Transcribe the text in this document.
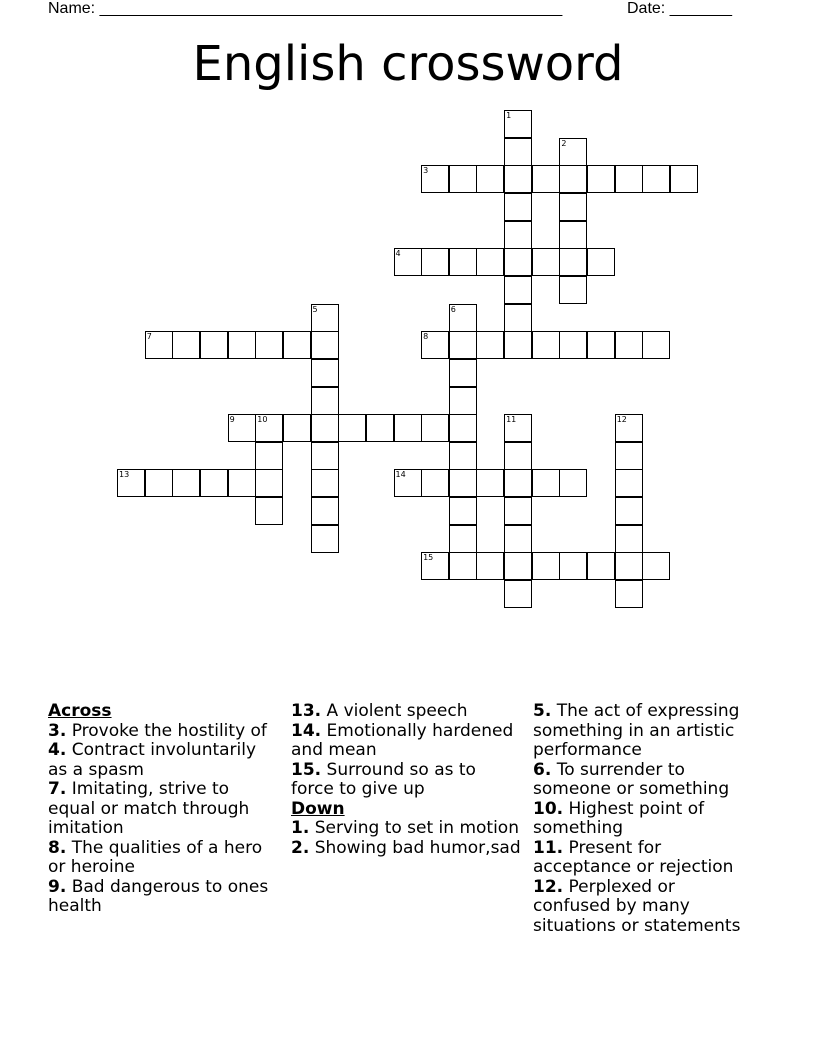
Name: ____________________________________________________	Date: _______
English crossword
1
2
3
4
5	6
7	8
9	10	11	12
13	14
15

Across

3. Provoke the hostility of

4. Contract involuntarily as a spasm

7. Imitating, strive to equal or match through imitation

8. The qualities of a hero or heroine

9. Bad dangerous to ones health

13. A violent speech

14. Emotionally hardened and mean

15. Surround so as to force to give up

Down

1. Serving to set in motion

2. Showing bad humor,sad

5. The act of expressing something in an artistic performance

6. To surrender to someone or something

10. Highest point of something

11. Present for acceptance or rejection

12. Perplexed or confused by many situations or statements
